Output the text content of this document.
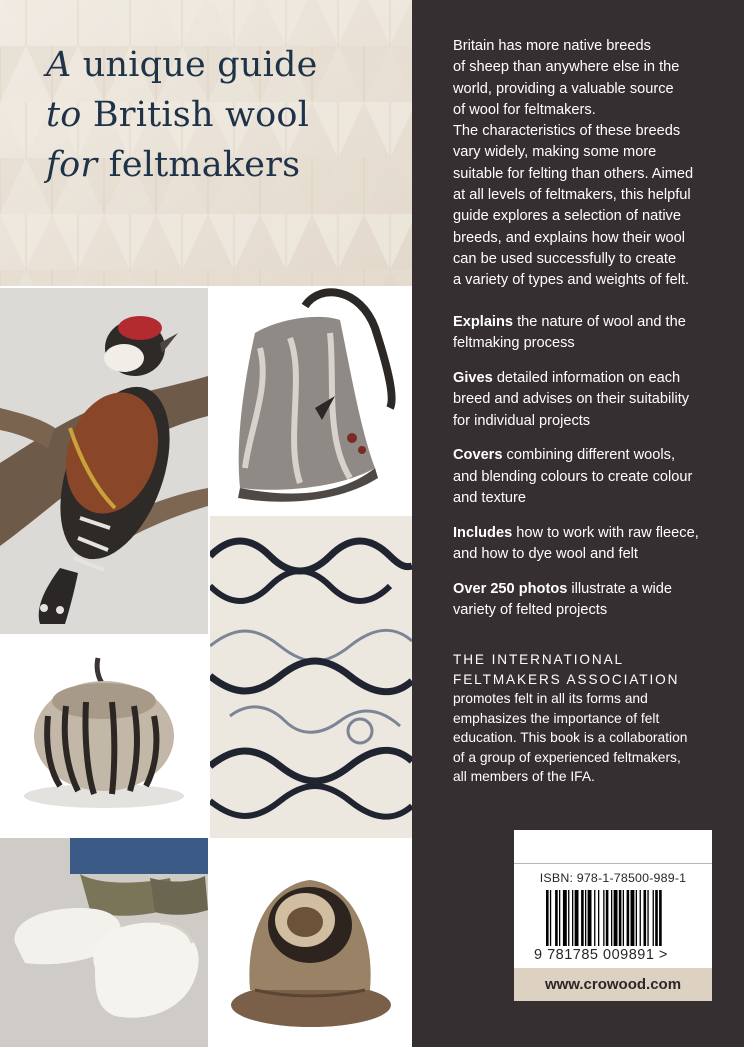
A unique guide
to British wool
for feltmakers
Britain has more native breeds
of sheep than anywhere else in the
world, providing a valuable source
of wool for feltmakers.
The characteristics of these breeds
vary widely, making some more
suitable for felting than others. Aimed
at all levels of feltmakers, this helpful
guide explores a selection of native
breeds, and explains how their wool
can be used successfully to create
a variety of types and weights of felt.
Explains the nature of wool and the
feltmaking process
Gives detailed information on each
breed and advises on their suitability
for individual projects
Covers combining different wools,
and blending colours to create colour
and texture
Includes how to work with raw fleece,
and how to dye wool and felt
Over 250 photos illustrate a wide
variety of felted projects
THE INTERNATIONAL
FELTMAKERS ASSOCIATION
promotes felt in all its forms and
emphasizes the importance of felt
education. This book is a collaboration
of a group of experienced feltmakers,
all members of the IFA.
ISBN: 978-1-78500-989-1
9 781785 009891 >
www.crowood.com
